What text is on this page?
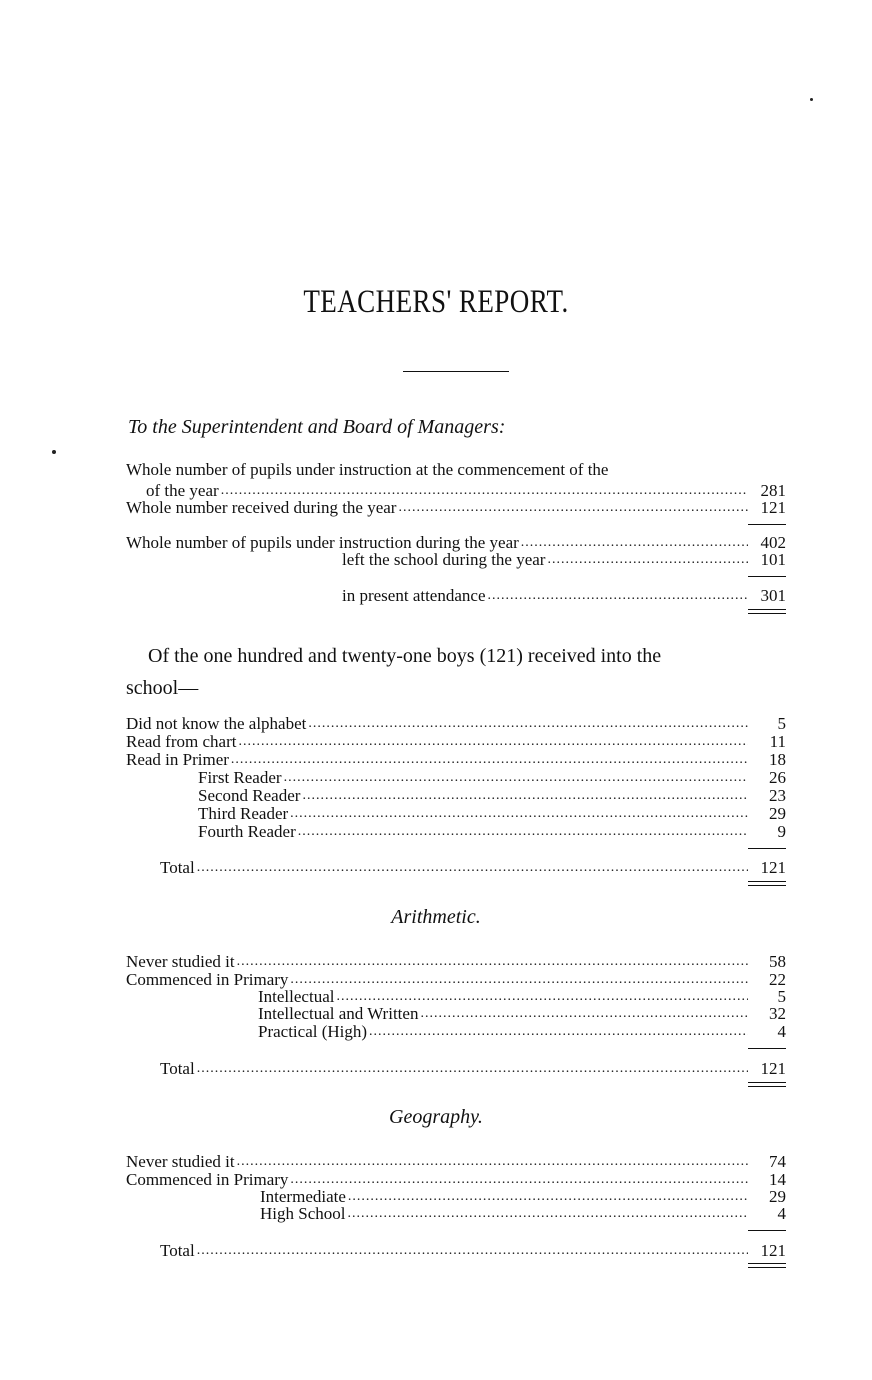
TEACHERS' REPORT.
To the Superintendent and Board of Managers:
Whole number of pupils under instruction at the commencement of the
of the year .....	281
Whole number received during the year .....	121
Whole number of pupils under instruction during the year .....	402
left the school during the year .....	101
in present attendance .....	301
Of the one hundred and twenty-one boys (121) received into the
school—
Did not know the alphabet .....	5
Read from chart .....	11
Read in Primer .....	18
First Reader .....	26
Second Reader .....	23
Third Reader .....	29
Fourth Reader .....	9
Total .....	121
Arithmetic.
Never studied it .....	58
Commenced in Primary .....	22
Intellectual .....	5
Intellectual and Written .....	32
Practical (High) .....	4
Total .....	121
Geography.
Never studied it .....	74
Commenced in Primary .....	14
Intermediate .....	29
High School .....	4
Total .....	121
